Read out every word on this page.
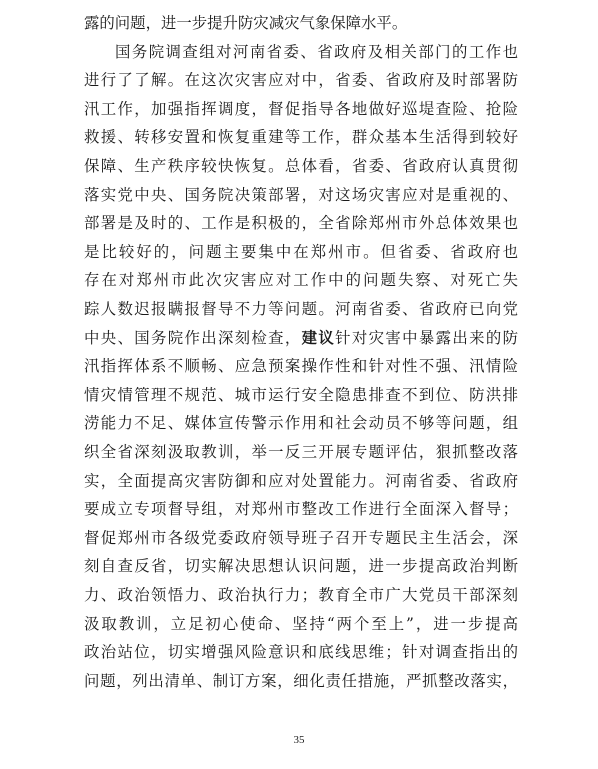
露的问题，进一步提升防灾减灾气象保障水平。
国务院调查组对河南省委、省政府及相关部门的工作也
进行了了解。在这次灾害应对中，省委、省政府及时部署防
汛工作，加强指挥调度，督促指导各地做好巡堤查险、抢险
救援、转移安置和恢复重建等工作，群众基本生活得到较好
保障、生产秩序较快恢复。总体看，省委、省政府认真贯彻
落实党中央、国务院决策部署，对这场灾害应对是重视的、
部署是及时的、工作是积极的，全省除郑州市外总体效果也
是比较好的，问题主要集中在郑州市。但省委、省政府也
存在对郑州市此次灾害应对工作中的问题失察、对死亡失
踪人数迟报瞒报督导不力等问题。河南省委、省政府已向党
中央、国务院作出深刻检查，建议针对灾害中暴露出来的防
汛指挥体系不顺畅、应急预案操作性和针对性不强、汛情险
情灾情管理不规范、城市运行安全隐患排查不到位、防洪排
涝能力不足、媒体宣传警示作用和社会动员不够等问题，组
织全省深刻汲取教训，举一反三开展专题评估，狠抓整改落
实，全面提高灾害防御和应对处置能力。河南省委、省政府
要成立专项督导组，对郑州市整改工作进行全面深入督导；
督促郑州市各级党委政府领导班子召开专题民主生活会，深
刻自查反省，切实解决思想认识问题，进一步提高政治判断
力、政治领悟力、政治执行力；教育全市广大党员干部深刻
汲取教训，立足初心使命、坚持“两个至上”，进一步提高
政治站位，切实增强风险意识和底线思维；针对调查指出的
问题，列出清单、制订方案，细化责任措施，严抓整改落实，
35
